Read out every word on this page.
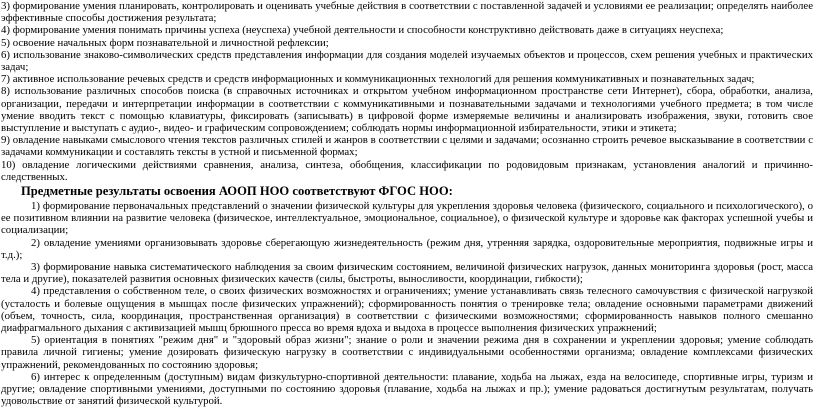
3) формирование умения планировать, контролировать и оценивать учебные действия в соответствии с поставленной задачей и условиями ее реализации; определять наиболее эффективные способы достижения результата;

4) формирование умения понимать причины успеха (неуспеха) учебной деятельности и способности конструктивно действовать даже в ситуациях неуспеха;

5) освоение начальных форм познавательной и личностной рефлексии;

6) использование знаково-символических средств представления информации для создания моделей изучаемых объектов и процессов, схем решения учебных и практических задач;

7) активное использование речевых средств и средств информационных и коммуникационных технологий для решения коммуникативных и познавательных задач;

8) использование различных способов поиска (в справочных источниках и открытом учебном информационном пространстве сети Интернет), сбора, обработки, анализа, организации, передачи и интерпретации информации в соответствии с коммуникативными и познавательными задачами и технологиями учебного предмета; в том числе умение вводить текст с помощью клавиатуры, фиксировать (записывать) в цифровой форме измеряемые величины и анализировать изображения, звуки, готовить свое выступление и выступать с аудио-, видео- и графическим сопровождением; соблюдать нормы информационной избирательности, этики и этикета;

9) овладение навыками смыслового чтения текстов различных стилей и жанров в соответствии с целями и задачами; осознанно строить речевое высказывание в соответствии с задачами коммуникации и составлять тексты в устной и письменной формах;

10) овладение логическими действиями сравнения, анализа, синтеза, обобщения, классификации по родовидовым признакам, установления аналогий и причинно-следственных.

Предметные результаты освоения АООП НОО соответствуют ФГОС НОО:

1) формирование первоначальных представлений о значении физической культуры для укрепления здоровья человека (физического, социального и психологического), о ее позитивном влиянии на развитие человека (физическое, интеллектуальное, эмоциональное, социальное), о физической культуре и здоровье как факторах успешной учебы и социализации;

2) овладение умениями организовывать здоровье сберегающую жизнедеятельность (режим дня, утренняя зарядка, оздоровительные мероприятия, подвижные игры и т.д.);

3) формирование навыка систематического наблюдения за своим физическим состоянием, величиной физических нагрузок, данных мониторинга здоровья (рост, масса тела и другие), показателей развития основных физических качеств (силы, быстроты, выносливости, координации, гибкости);

4) представления о собственном теле, о своих физических возможностях и ограничениях; умение устанавливать связь телесного самочувствия с физической нагрузкой (усталость и болевые ощущения в мышцах после физических упражнений); сформированность понятия о тренировке тела; овладение основными параметрами движений (объем, точность, сила, координация, пространственная организация) в соответствии с физическими возможностями; сформированность навыков полного смешанно диафрагмального дыхания с активизацией мышц брюшного пресса во время вдоха и выдоха в процессе выполнения физических упражнений;

5) ориентация в понятиях "режим дня" и "здоровый образ жизни"; знание о роли и значении режима дня в сохранении и укреплении здоровья; умение соблюдать правила личной гигиены; умение дозировать физическую нагрузку в соответствии с индивидуальными особенностями организма; овладение комплексами физических упражнений, рекомендованных по состоянию здоровья;

6) интерес к определенным (доступным) видам физкультурно-спортивной деятельности: плавание, ходьба на лыжах, езда на велосипеде, спортивные игры, туризм и другие; овладение спортивными умениями, доступными по состоянию здоровья (плавание, ходьба на лыжах и пр.); умение радоваться достигнутым результатам, получать удовольствие от занятий физической культурой.
